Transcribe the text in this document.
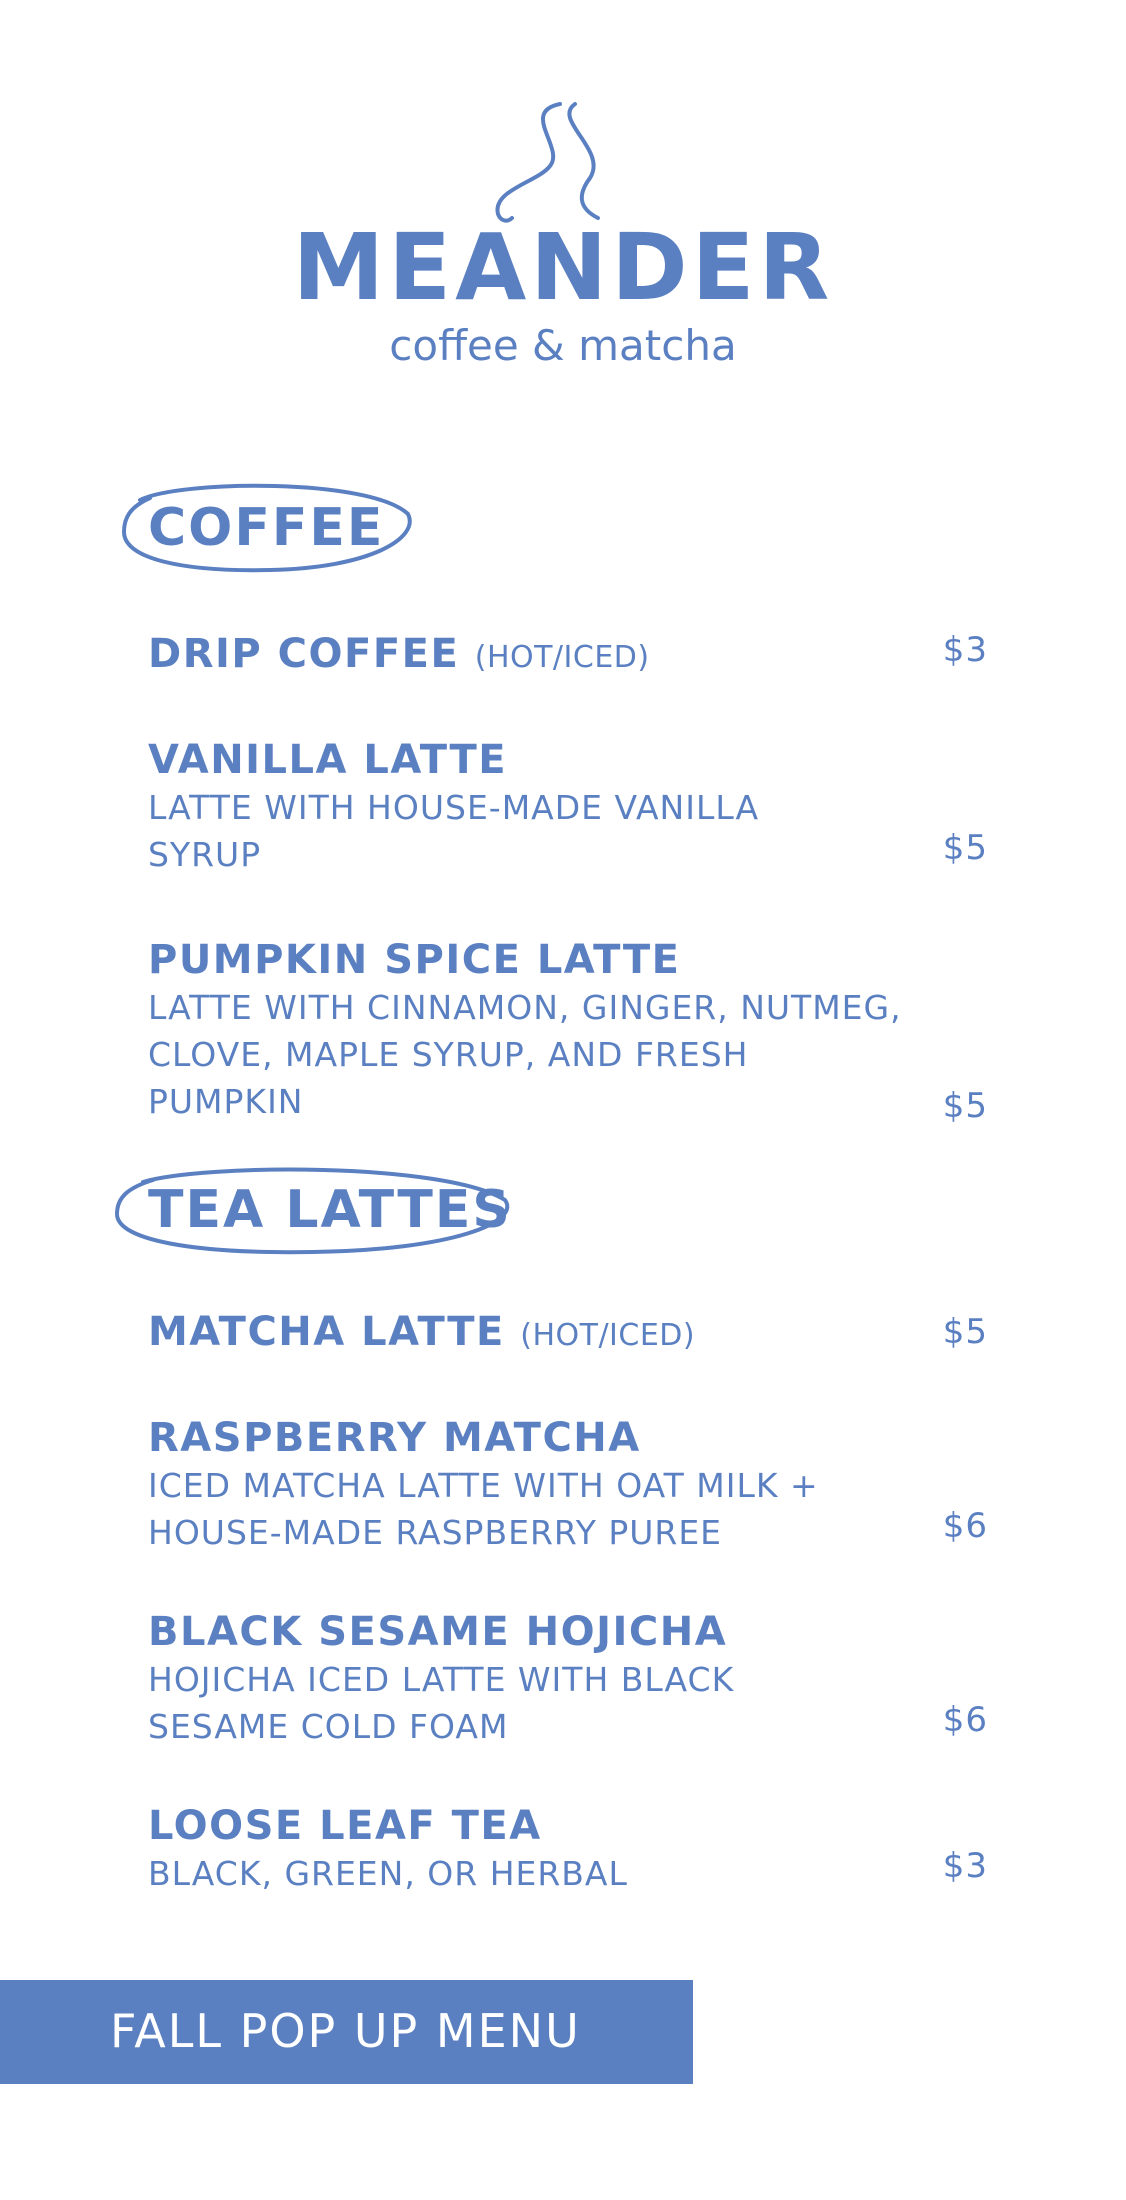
MEANDER
coffee & matcha
COFFEE
DRIP COFFEE (HOT/ICED)	$3
VANILLA LATTE
LATTE WITH HOUSE-MADE VANILLA SYRUP	$5
PUMPKIN SPICE LATTE
LATTE WITH CINNAMON, GINGER, NUTMEG, CLOVE, MAPLE SYRUP, AND FRESH PUMPKIN	$5
TEA LATTES
MATCHA LATTE (HOT/ICED)	$5
RASPBERRY MATCHA
ICED MATCHA LATTE WITH OAT MILK + HOUSE-MADE RASPBERRY PUREE	$6
BLACK SESAME HOJICHA
HOJICHA ICED LATTE WITH BLACK SESAME COLD FOAM	$6
LOOSE LEAF TEA
BLACK, GREEN, OR HERBAL	$3
FALL POP UP MENU
